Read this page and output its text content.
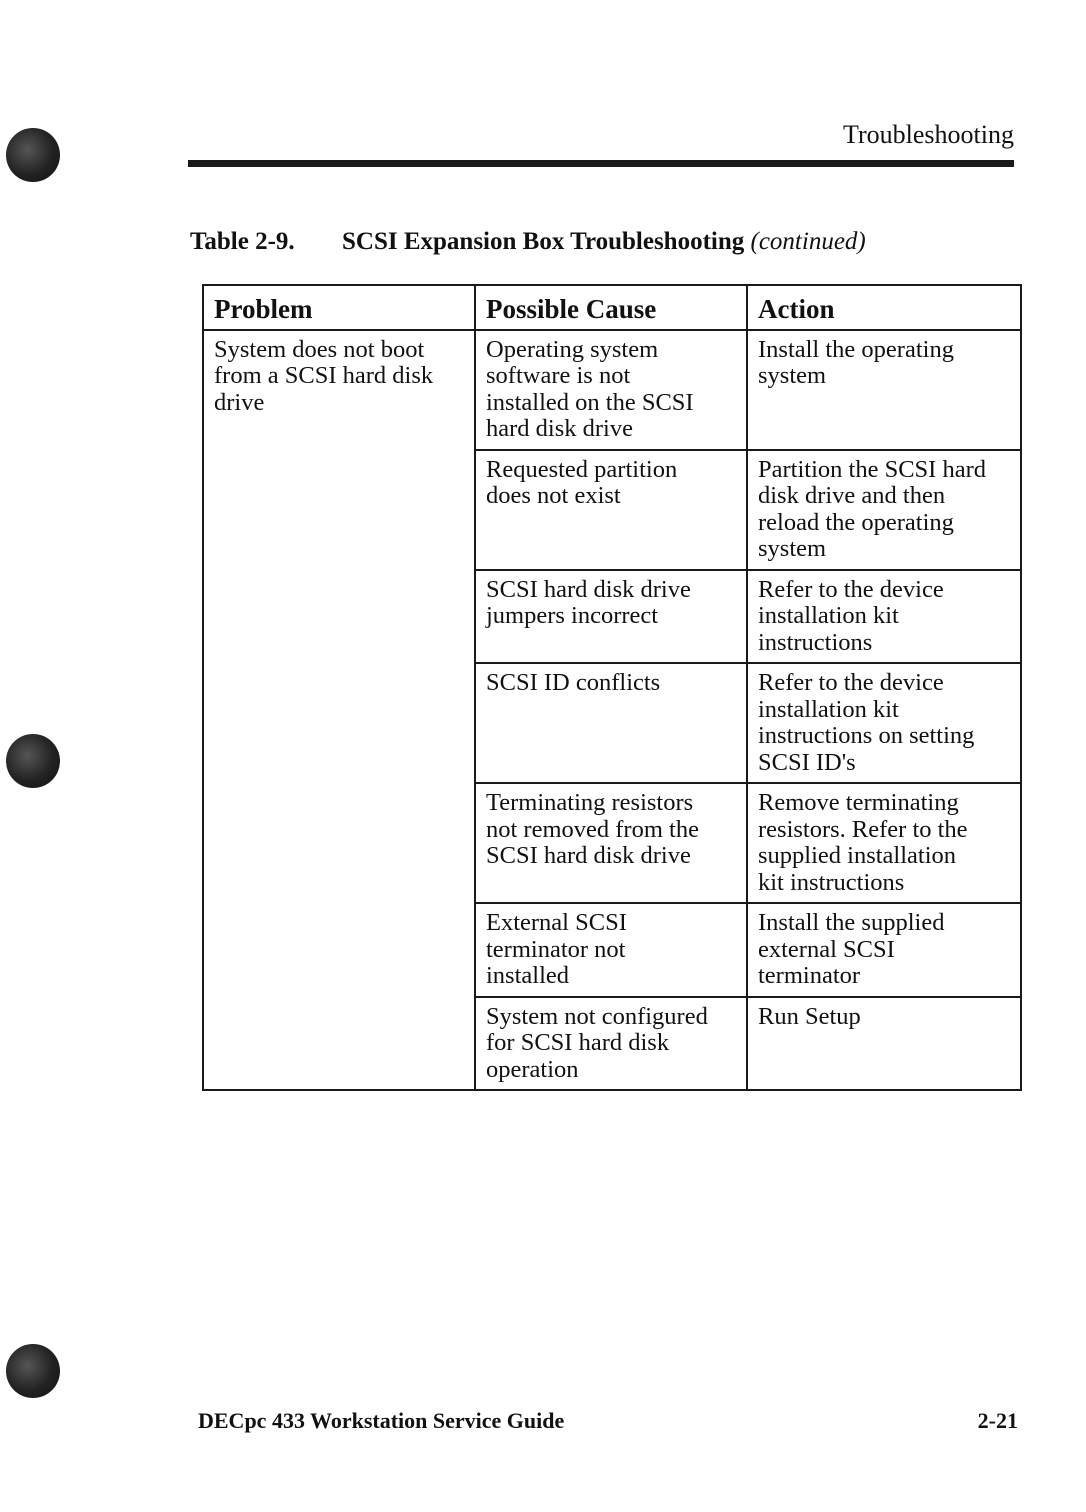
Troubleshooting
Table 2-9. SCSI Expansion Box Troubleshooting (continued)
Problem	Possible Cause	Action

System does not boot
from a SCSI hard disk
drive	Operating system
software is not
installed on the SCSI
hard disk drive	Install the operating
system

	Requested partition
does not exist	Partition the SCSI hard
disk drive and then
reload the operating
system

	SCSI hard disk drive
jumpers incorrect	Refer to the device
installation kit
instructions

	SCSI ID conflicts	Refer to the device
installation kit
instructions on setting
SCSI ID's

	Terminating resistors
not removed from the
SCSI hard disk drive	Remove terminating
resistors. Refer to the
supplied installation
kit instructions

	External SCSI
terminator not
installed	Install the supplied
external SCSI
terminator

	System not configured
for SCSI hard disk
operation	Run Setup
DECpc 433 Workstation Service Guide	2-21
